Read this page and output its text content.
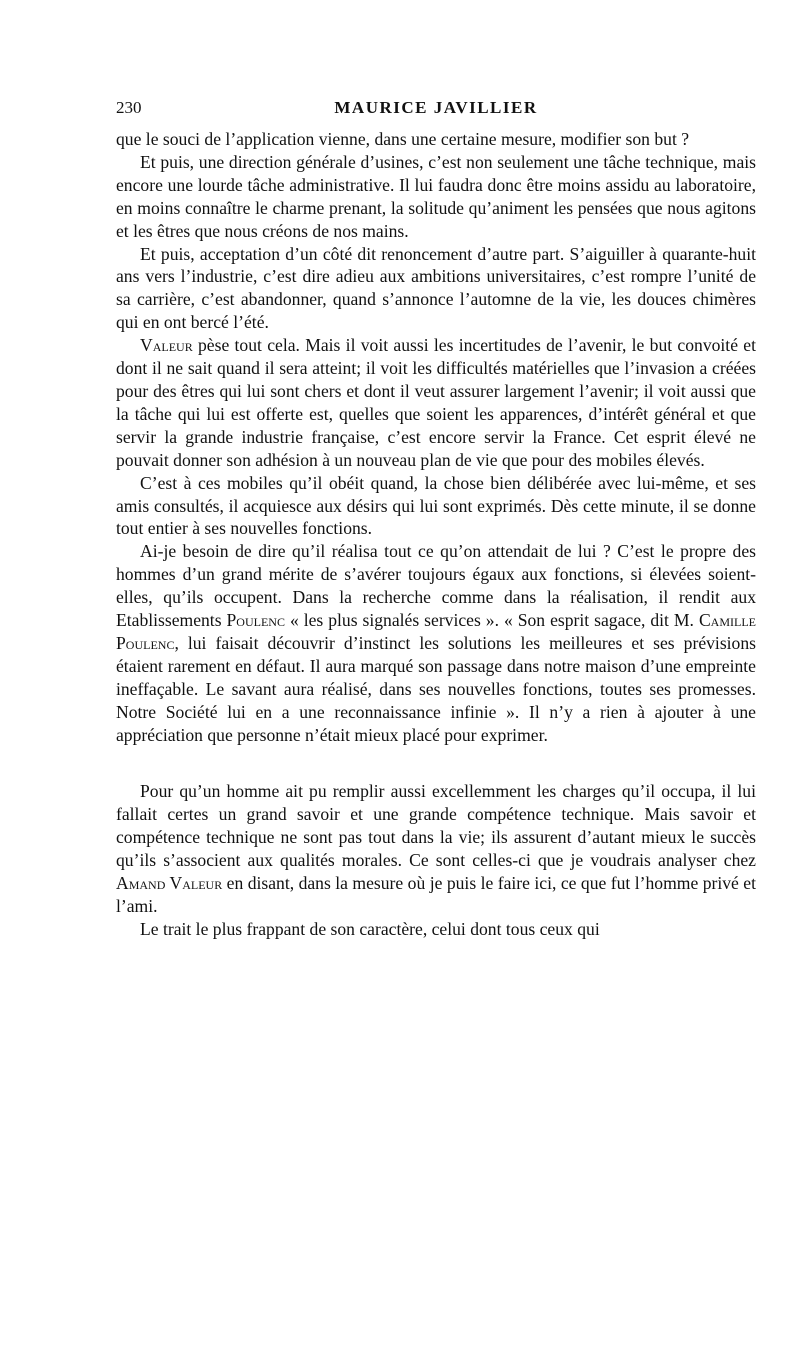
230	MAURICE JAVILLIER

que le souci de l’application vienne, dans une certaine mesure, modifier son but ?

Et puis, une direction générale d’usines, c’est non seulement une tâche technique, mais encore une lourde tâche administrative. Il lui faudra donc être moins assidu au laboratoire, en moins connaître le charme prenant, la solitude qu’animent les pensées que nous agitons et les êtres que nous créons de nos mains.

Et puis, acceptation d’un côté dit renoncement d’autre part. S’aiguiller à quarante-huit ans vers l’industrie, c’est dire adieu aux ambitions universitaires, c’est rompre l’unité de sa carrière, c’est abandonner, quand s’annonce l’automne de la vie, les douces chimères qui en ont bercé l’été.

Valeur pèse tout cela. Mais il voit aussi les incertitudes de l’avenir, le but convoité et dont il ne sait quand il sera atteint; il voit les difficultés matérielles que l’invasion a créées pour des êtres qui lui sont chers et dont il veut assurer largement l’avenir; il voit aussi que la tâche qui lui est offerte est, quelles que soient les apparences, d’intérêt général et que servir la grande industrie française, c’est encore servir la France. Cet esprit élevé ne pouvait donner son adhésion à un nouveau plan de vie que pour des mobiles élevés.

C’est à ces mobiles qu’il obéit quand, la chose bien délibérée avec lui-même, et ses amis consultés, il acquiesce aux désirs qui lui sont exprimés. Dès cette minute, il se donne tout entier à ses nouvelles fonctions.

Ai-je besoin de dire qu’il réalisa tout ce qu’on attendait de lui ? C’est le propre des hommes d’un grand mérite de s’avérer toujours égaux aux fonctions, si élevées soient-elles, qu’ils occupent. Dans la recherche comme dans la réalisation, il rendit aux Etablissements Poulenc « les plus signalés services ». « Son esprit sagace, dit M. Camille Poulenc, lui faisait découvrir d’instinct les solutions les meilleures et ses prévisions étaient rarement en défaut. Il aura marqué son passage dans notre maison d’une empreinte ineffaçable. Le savant aura réalisé, dans ses nouvelles fonctions, toutes ses promesses. Notre Société lui en a une reconnaissance infinie ». Il n’y a rien à ajouter à une appréciation que personne n’était mieux placé pour exprimer.

Pour qu’un homme ait pu remplir aussi excellemment les charges qu’il occupa, il lui fallait certes un grand savoir et une grande compétence technique. Mais savoir et compétence technique ne sont pas tout dans la vie; ils assurent d’autant mieux le succès qu’ils s’associent aux qualités morales. Ce sont celles-ci que je voudrais analyser chez Amand Valeur en disant, dans la mesure où je puis le faire ici, ce que fut l’homme privé et l’ami.

Le trait le plus frappant de son caractère, celui dont tous ceux qui
